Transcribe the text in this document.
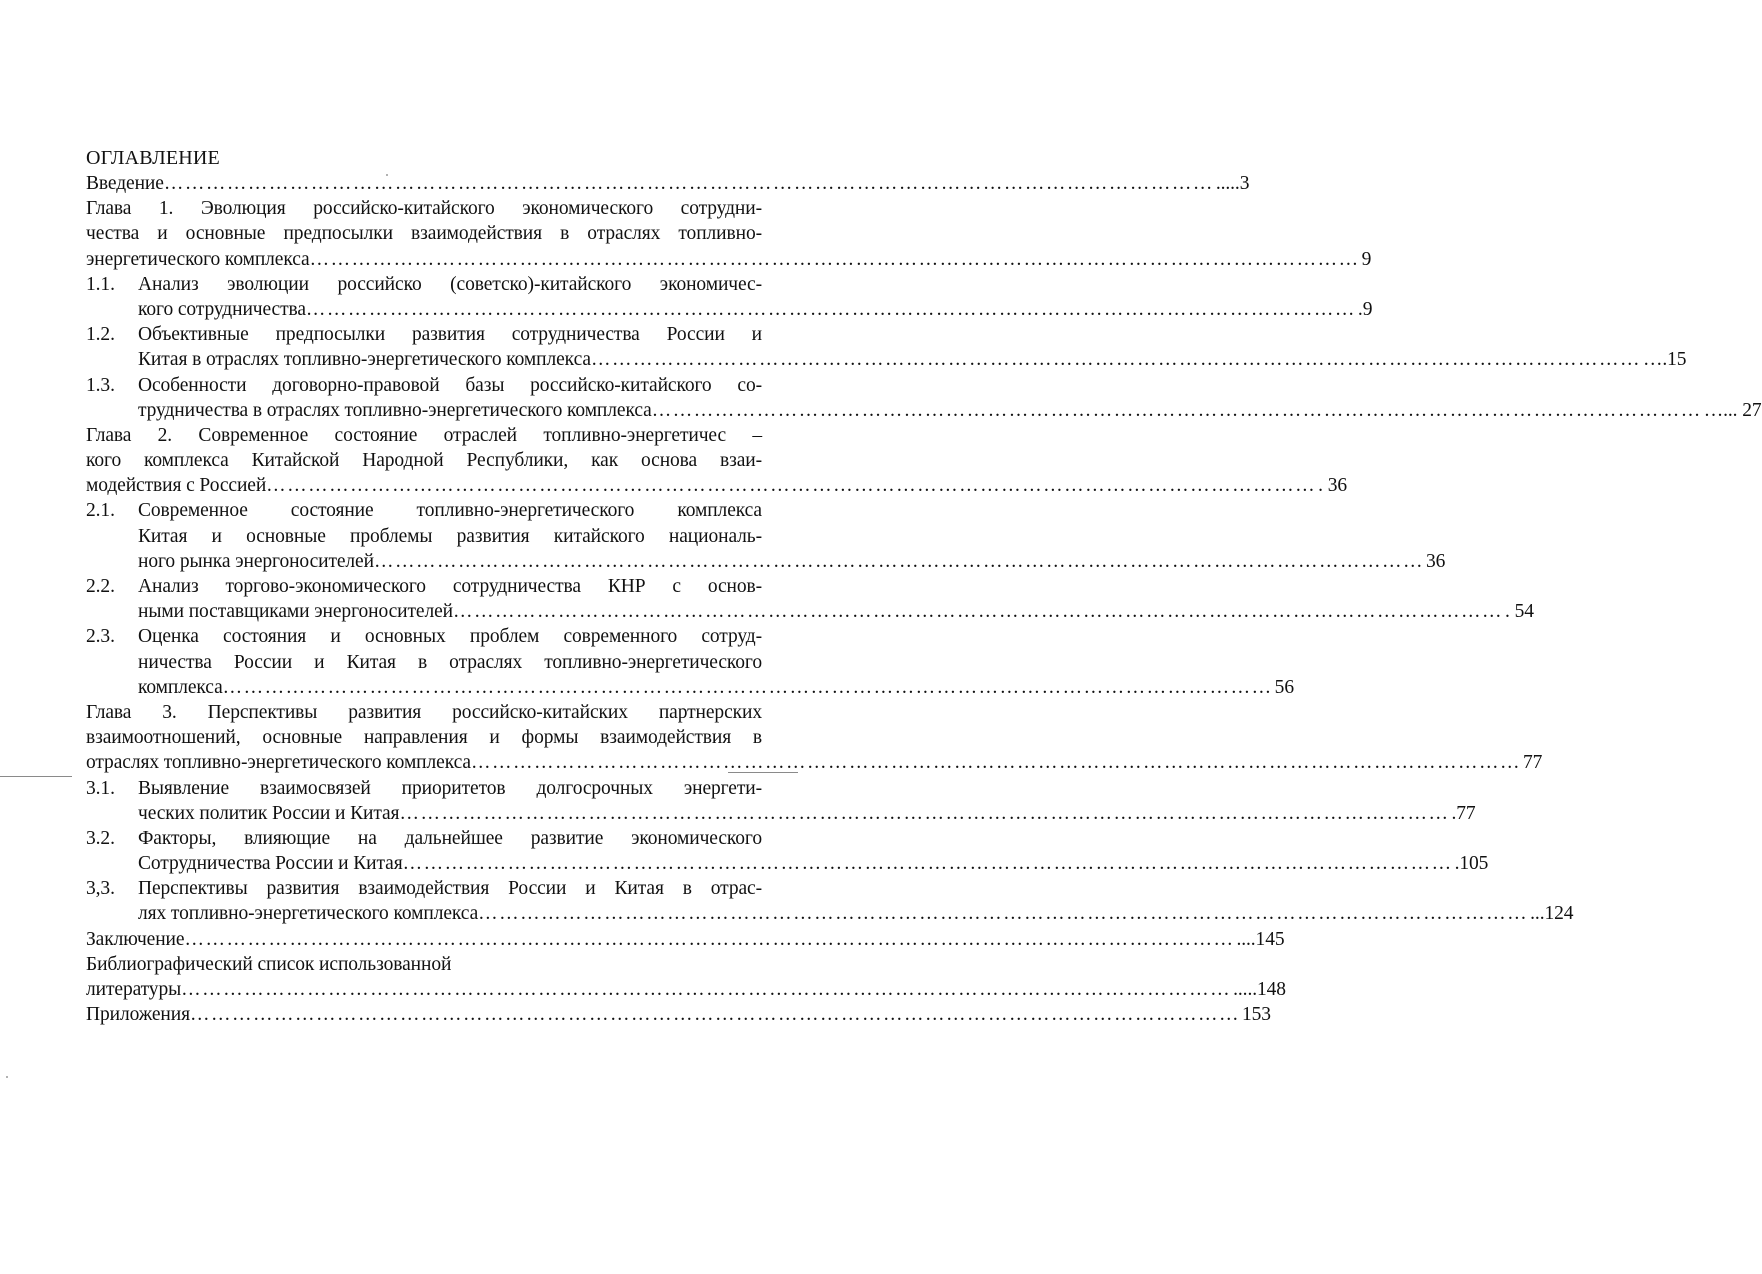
ОГЛАВЛЕНИЕ
Введение …………………………………………………………………………………………………………………………………… .....3
Глава 1. Эволюция российско-китайского экономического сотрудни-
чества и основные предпосылки взаимодействия в отраслях топливно-
энергетического комплекса …………………………………………………………………………………………………………………………………… 9
1.1.	Анализ эволюции российско (советско)-китайского экономичес-
кого сотрудничества …………………………………………………………………………………………………………………………………… .9
1.2.	Объективные предпосылки развития сотрудничества России и
Китая в отраслях топливно-энергетического комплекса …………………………………………………………………………………………………………………………………… ….15
1.3.	Особенности договорно-правовой базы российско-китайского со-
трудничества в отраслях топливно-энергетического комплекса …………………………………………………………………………………………………………………………………… …... 27
Глава 2. Современное состояние отраслей топливно-энергетичес –
кого комплекса Китайской Народной Республики, как основа взаи-
модействия с Россией …………………………………………………………………………………………………………………………………… . 36
2.1.	Современное состояние топливно-энергетического комплекса
Китая и основные проблемы развития китайского националь-
ного рынка энергоносителей …………………………………………………………………………………………………………………………………… 36
2.2.	Анализ торгово-экономического сотрудничества КНР с основ-
ными поставщиками энергоносителей …………………………………………………………………………………………………………………………………… . 54
2.3.	Оценка состояния и основных проблем современного сотруд-
ничества России и Китая в отраслях топливно-энергетического
комплекса …………………………………………………………………………………………………………………………………… 56
Глава 3. Перспективы развития российско-китайских партнерских
взаимоотношений, основные направления и формы взаимодействия в
отраслях топливно-энергетического комплекса …………………………………………………………………………………………………………………………………… 77
3.1.	Выявление взаимосвязей приоритетов долгосрочных энергети-
ческих политик России и Китая …………………………………………………………………………………………………………………………………… .77
3.2.	Факторы, влияющие на дальнейшее развитие экономического
Сотрудничества России и Китая …………………………………………………………………………………………………………………………………… .105
3,3.	Перспективы развития взаимодействия России и Китая в отрас-
лях топливно-энергетического комплекса …………………………………………………………………………………………………………………………………… ...124
Заключение …………………………………………………………………………………………………………………………………… ....145
Библиографический список использованной
литературы …………………………………………………………………………………………………………………………………… .....148
Приложения …………………………………………………………………………………………………………………………………… 153
